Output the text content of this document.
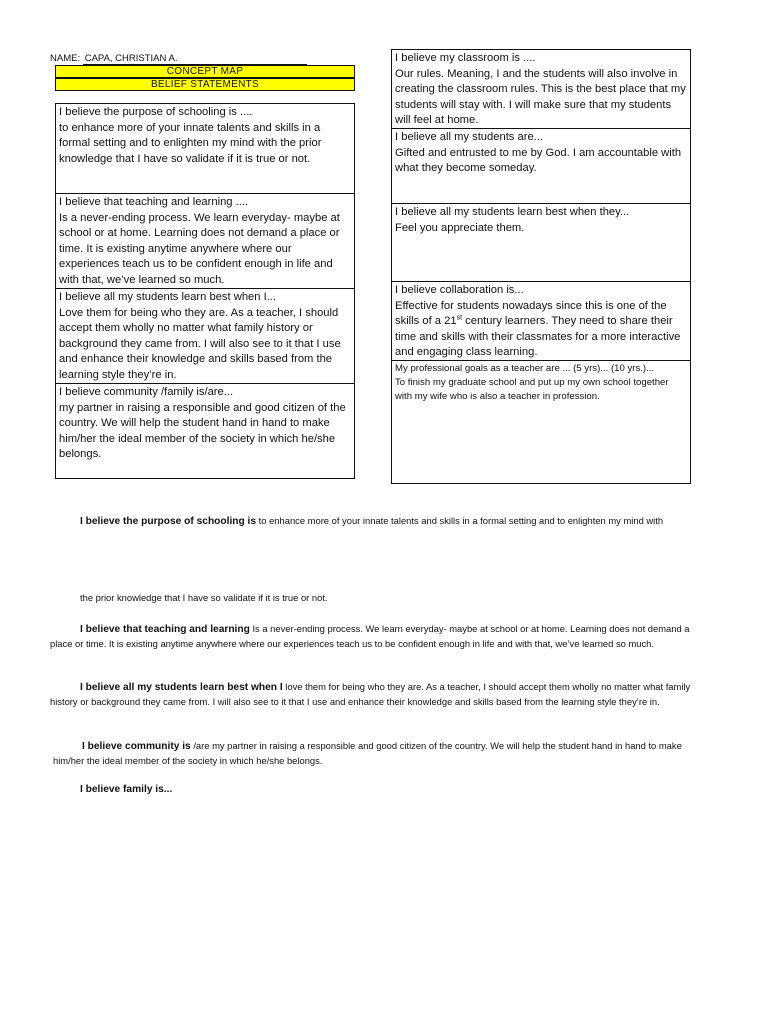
NAME: CAPA, CHRISTIAN A.
CONCEPT MAP
BELIEF STATEMENTS

I believe the purpose of schooling is ....

to enhance more of your innate talents and skills in a formal setting and to enlighten my mind with the prior knowledge that I have so validate if it is true or not.

I believe that teaching and learning ....

Is a never-ending process. We learn everyday- maybe at school or at home. Learning does not demand a place or time. It is existing anytime anywhere where our experiences teach us to be confident enough in life and with that, we’ve learned so much.

I believe all my students learn best when I...

Love them for being who they are. As a teacher, I should accept them wholly no matter what family history or background they came from. I will also see to it that I use and enhance their knowledge and skills based from the learning style they’re in.

I believe community /family is/are...

my partner in raising a responsible and good citizen of the country. We will help the student hand in hand to make him/her the ideal member of the society in which he/she belongs.

I believe my classroom is ....

Our rules. Meaning, I and the students will also involve in creating the classroom rules. This is the best place that my students will stay with. I will make sure that my students will feel at home.

I believe all my students are...

Gifted and entrusted to me by God. I am accountable with what they become someday.

I believe all my students learn best when they...

Feel you appreciate them.

I believe collaboration is...

Effective for students nowadays since this is one of the skills of a 21st century learners. They need to share their time and skills with their classmates for a more interactive and engaging class learning.

My professional goals as a teacher are ... (5 yrs)... (10 yrs.)...

To finish my graduate school and put up my own school together with my wife who is also a teacher in profession.

I believe the purpose of schooling is to enhance more of your innate talents and skills in a formal setting and to enlighten my mind with

the prior knowledge that I have so validate if it is true or not.

I believe that teaching and learning Is a never-ending process. We learn everyday- maybe at school or at home. Learning does not demand a place or time. It is existing anytime anywhere where our experiences teach us to be confident enough in life and with that, we’ve learned so much.

I believe all my students learn best when I love them for being who they are. As a teacher, I should accept them wholly no matter what family history or background they came from. I will also see to it that I use and enhance their knowledge and skills based from the learning style they’re in.

I believe community is /are my partner in raising a responsible and good citizen of the country. We will help the student hand in hand to make him/her the ideal member of the society in which he/she belongs.

I believe family is...
